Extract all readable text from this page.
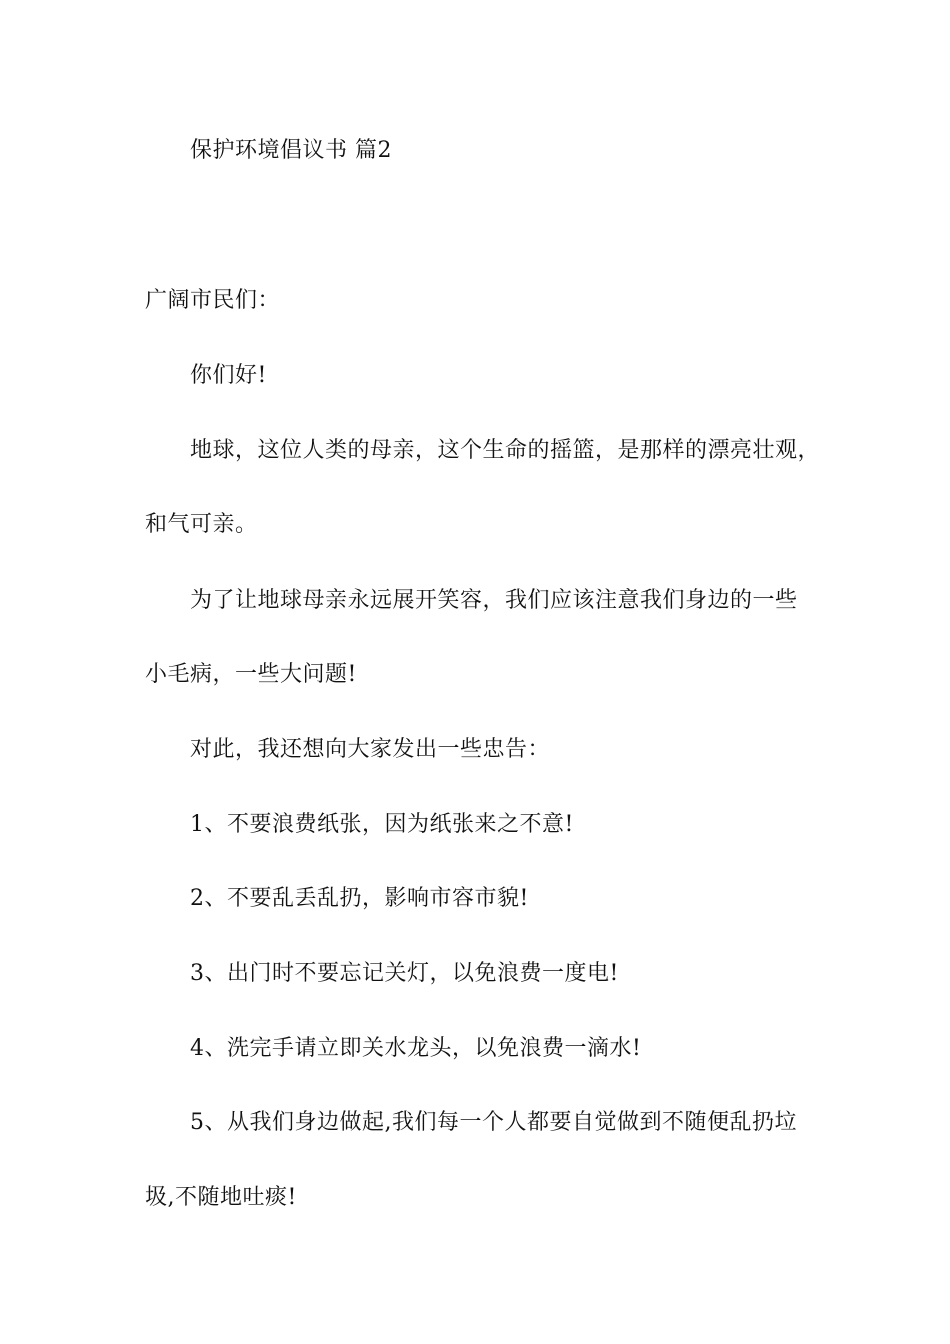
保护环境倡议书 篇2
广阔市民们：
你们好!
地球，这位人类的母亲，这个生命的摇篮，是那样的漂亮壮观，
和气可亲。
为了让地球母亲永远展开笑容，我们应该注意我们身边的一些
小毛病，一些大问题!
对此，我还想向大家发出一些忠告：
1、不要浪费纸张，因为纸张来之不意!
2、不要乱丢乱扔，影响市容市貌!
3、出门时不要忘记关灯，以免浪费一度电!
4、洗完手请立即关水龙头，以免浪费一滴水!
5、从我们身边做起,我们每一个人都要自觉做到不随便乱扔垃
圾,不随地吐痰!
